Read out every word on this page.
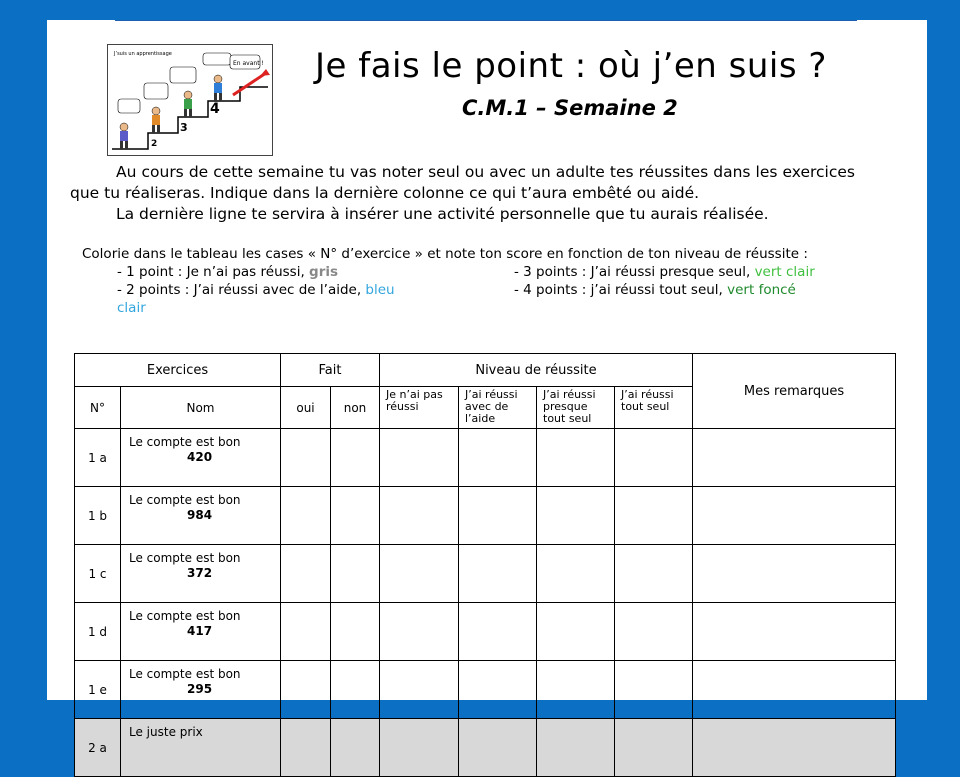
J’suis un apprentissage
En avant !
2
3
4
Je fais le point : où j’en suis ?
C.M.1 – Semaine 2

Au cours de cette semaine tu vas noter seul ou avec un adulte tes réussites dans les exercices que tu réaliseras. Indique dans la dernière colonne ce qui t’aura embêté ou aidé.

La dernière ligne te servira à insérer une activité personnelle que tu aurais réalisée.

Colorie dans le tableau les cases « N° d’exercice » et note ton score en fonction de ton niveau de réussite :

- 1 point : Je n’ai pas réussi, gris
- 2 points : J’ai réussi avec de l’aide, bleu
clair
- 3 points : J’ai réussi presque seul, vert clair
- 4 points : j’ai réussi tout seul, vert foncé
Exercices		Fait		Niveau de réussite				Mes remarques
N°	Nom	oui	non	Je n’ai pas réussi	J’ai réussi avec de l’aide	J’ai réussi presque tout seul	J’ai réussi tout seul	
1 a	Le compte est bon
420							

1 b	Le compte est bon
984							

1 c	Le compte est bon
372							

1 d	Le compte est bon
417							

1 e	Le compte est bon
295							

2 a	Le juste prix							
